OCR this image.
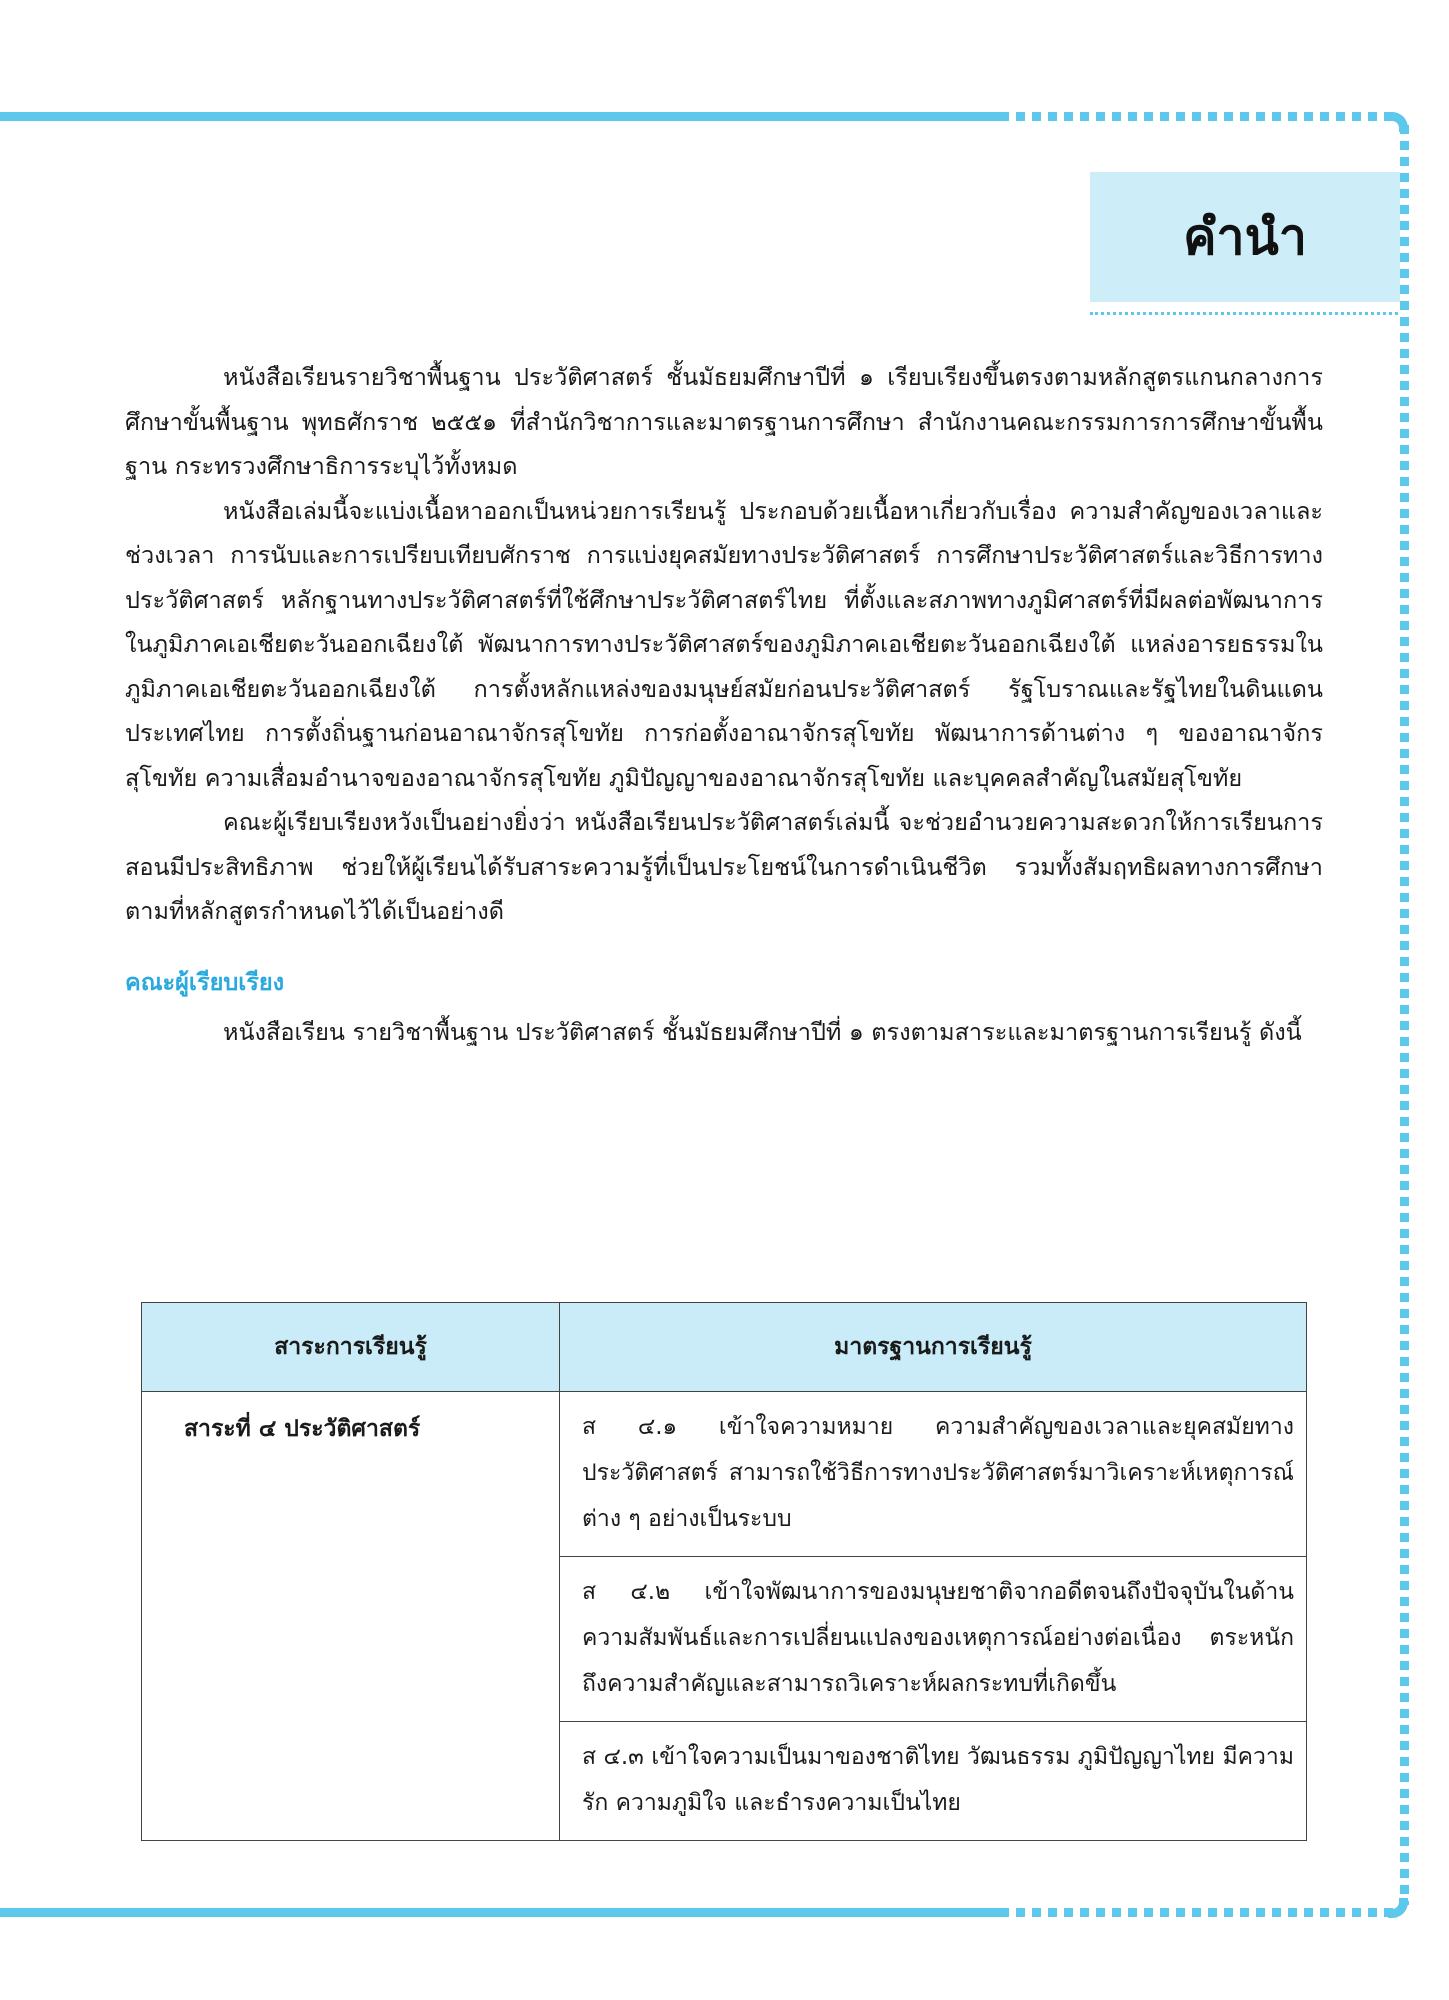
คำนำ

หนังสือเรียนรายวิชาพื้นฐาน ประวัติศาสตร์ ชั้นมัธยมศึกษาปีที่ ๑ เรียบเรียงขึ้นตรงตามหลักสูตรแกนกลางการศึกษาขั้นพื้นฐาน พุทธศักราช ๒๕๕๑ ที่สำนักวิชาการและมาตรฐานการศึกษา สำนักงานคณะกรรมการการศึกษาขั้นพื้นฐาน กระทรวงศึกษาธิการระบุไว้ทั้งหมด

หนังสือเล่มนี้จะแบ่งเนื้อหาออกเป็นหน่วยการเรียนรู้ ประกอบด้วยเนื้อหาเกี่ยวกับเรื่อง ความสำคัญของเวลาและช่วงเวลา การนับและการเปรียบเทียบศักราช การแบ่งยุคสมัยทางประวัติศาสตร์ การศึกษาประวัติศาสตร์และวิธีการทางประวัติศาสตร์ หลักฐานทางประวัติศาสตร์ที่ใช้ศึกษาประวัติศาสตร์ไทย ที่ตั้งและสภาพทางภูมิศาสตร์ที่มีผลต่อพัฒนาการในภูมิภาคเอเชียตะวันออกเฉียงใต้ พัฒนาการทางประวัติศาสตร์ของภูมิภาคเอเชียตะวันออกเฉียงใต้ แหล่งอารยธรรมในภูมิภาคเอเชียตะวันออกเฉียงใต้ การตั้งหลักแหล่งของมนุษย์สมัยก่อนประวัติศาสตร์ รัฐโบราณและรัฐไทยในดินแดนประเทศไทย การตั้งถิ่นฐานก่อนอาณาจักรสุโขทัย การก่อตั้งอาณาจักรสุโขทัย พัฒนาการด้านต่าง ๆ ของอาณาจักรสุโขทัย ความเสื่อมอำนาจของอาณาจักรสุโขทัย ภูมิปัญญาของอาณาจักรสุโขทัย และบุคคลสำคัญในสมัยสุโขทัย

คณะผู้เรียบเรียงหวังเป็นอย่างยิ่งว่า หนังสือเรียนประวัติศาสตร์เล่มนี้ จะช่วยอำนวยความสะดวกให้การเรียนการสอนมีประสิทธิภาพ ช่วยให้ผู้เรียนได้รับสาระความรู้ที่เป็นประโยชน์ในการดำเนินชีวิต รวมทั้งสัมฤทธิผลทางการศึกษาตามที่หลักสูตรกำหนดไว้ได้เป็นอย่างดี

คณะผู้เรียบเรียง

หนังสือเรียน รายวิชาพื้นฐาน ประวัติศาสตร์ ชั้นมัธยมศึกษาปีที่ ๑ ตรงตามสาระและมาตรฐานการเรียนรู้ ดังนี้

สาระการเรียนรู้	มาตรฐานการเรียนรู้
สาระที่ ๔ ประวัติศาสตร์	ส ๔.๑ เข้าใจความหมาย ความสำคัญของเวลาและยุคสมัยทางประวัติศาสตร์ สามารถใช้วิธีการทางประวัติศาสตร์มาวิเคราะห์เหตุการณ์ต่าง ๆ อย่างเป็นระบบ
ส ๔.๒ เข้าใจพัฒนาการของมนุษยชาติจากอดีตจนถึงปัจจุบันในด้านความสัมพันธ์และการเปลี่ยนแปลงของเหตุการณ์อย่างต่อเนื่อง ตระหนักถึงความสำคัญและสามารถวิเคราะห์ผลกระทบที่เกิดขึ้น
ส ๔.๓ เข้าใจความเป็นมาของชาติไทย วัฒนธรรม ภูมิปัญญาไทย มีความรัก ความภูมิใจ และธำรงความเป็นไทย
